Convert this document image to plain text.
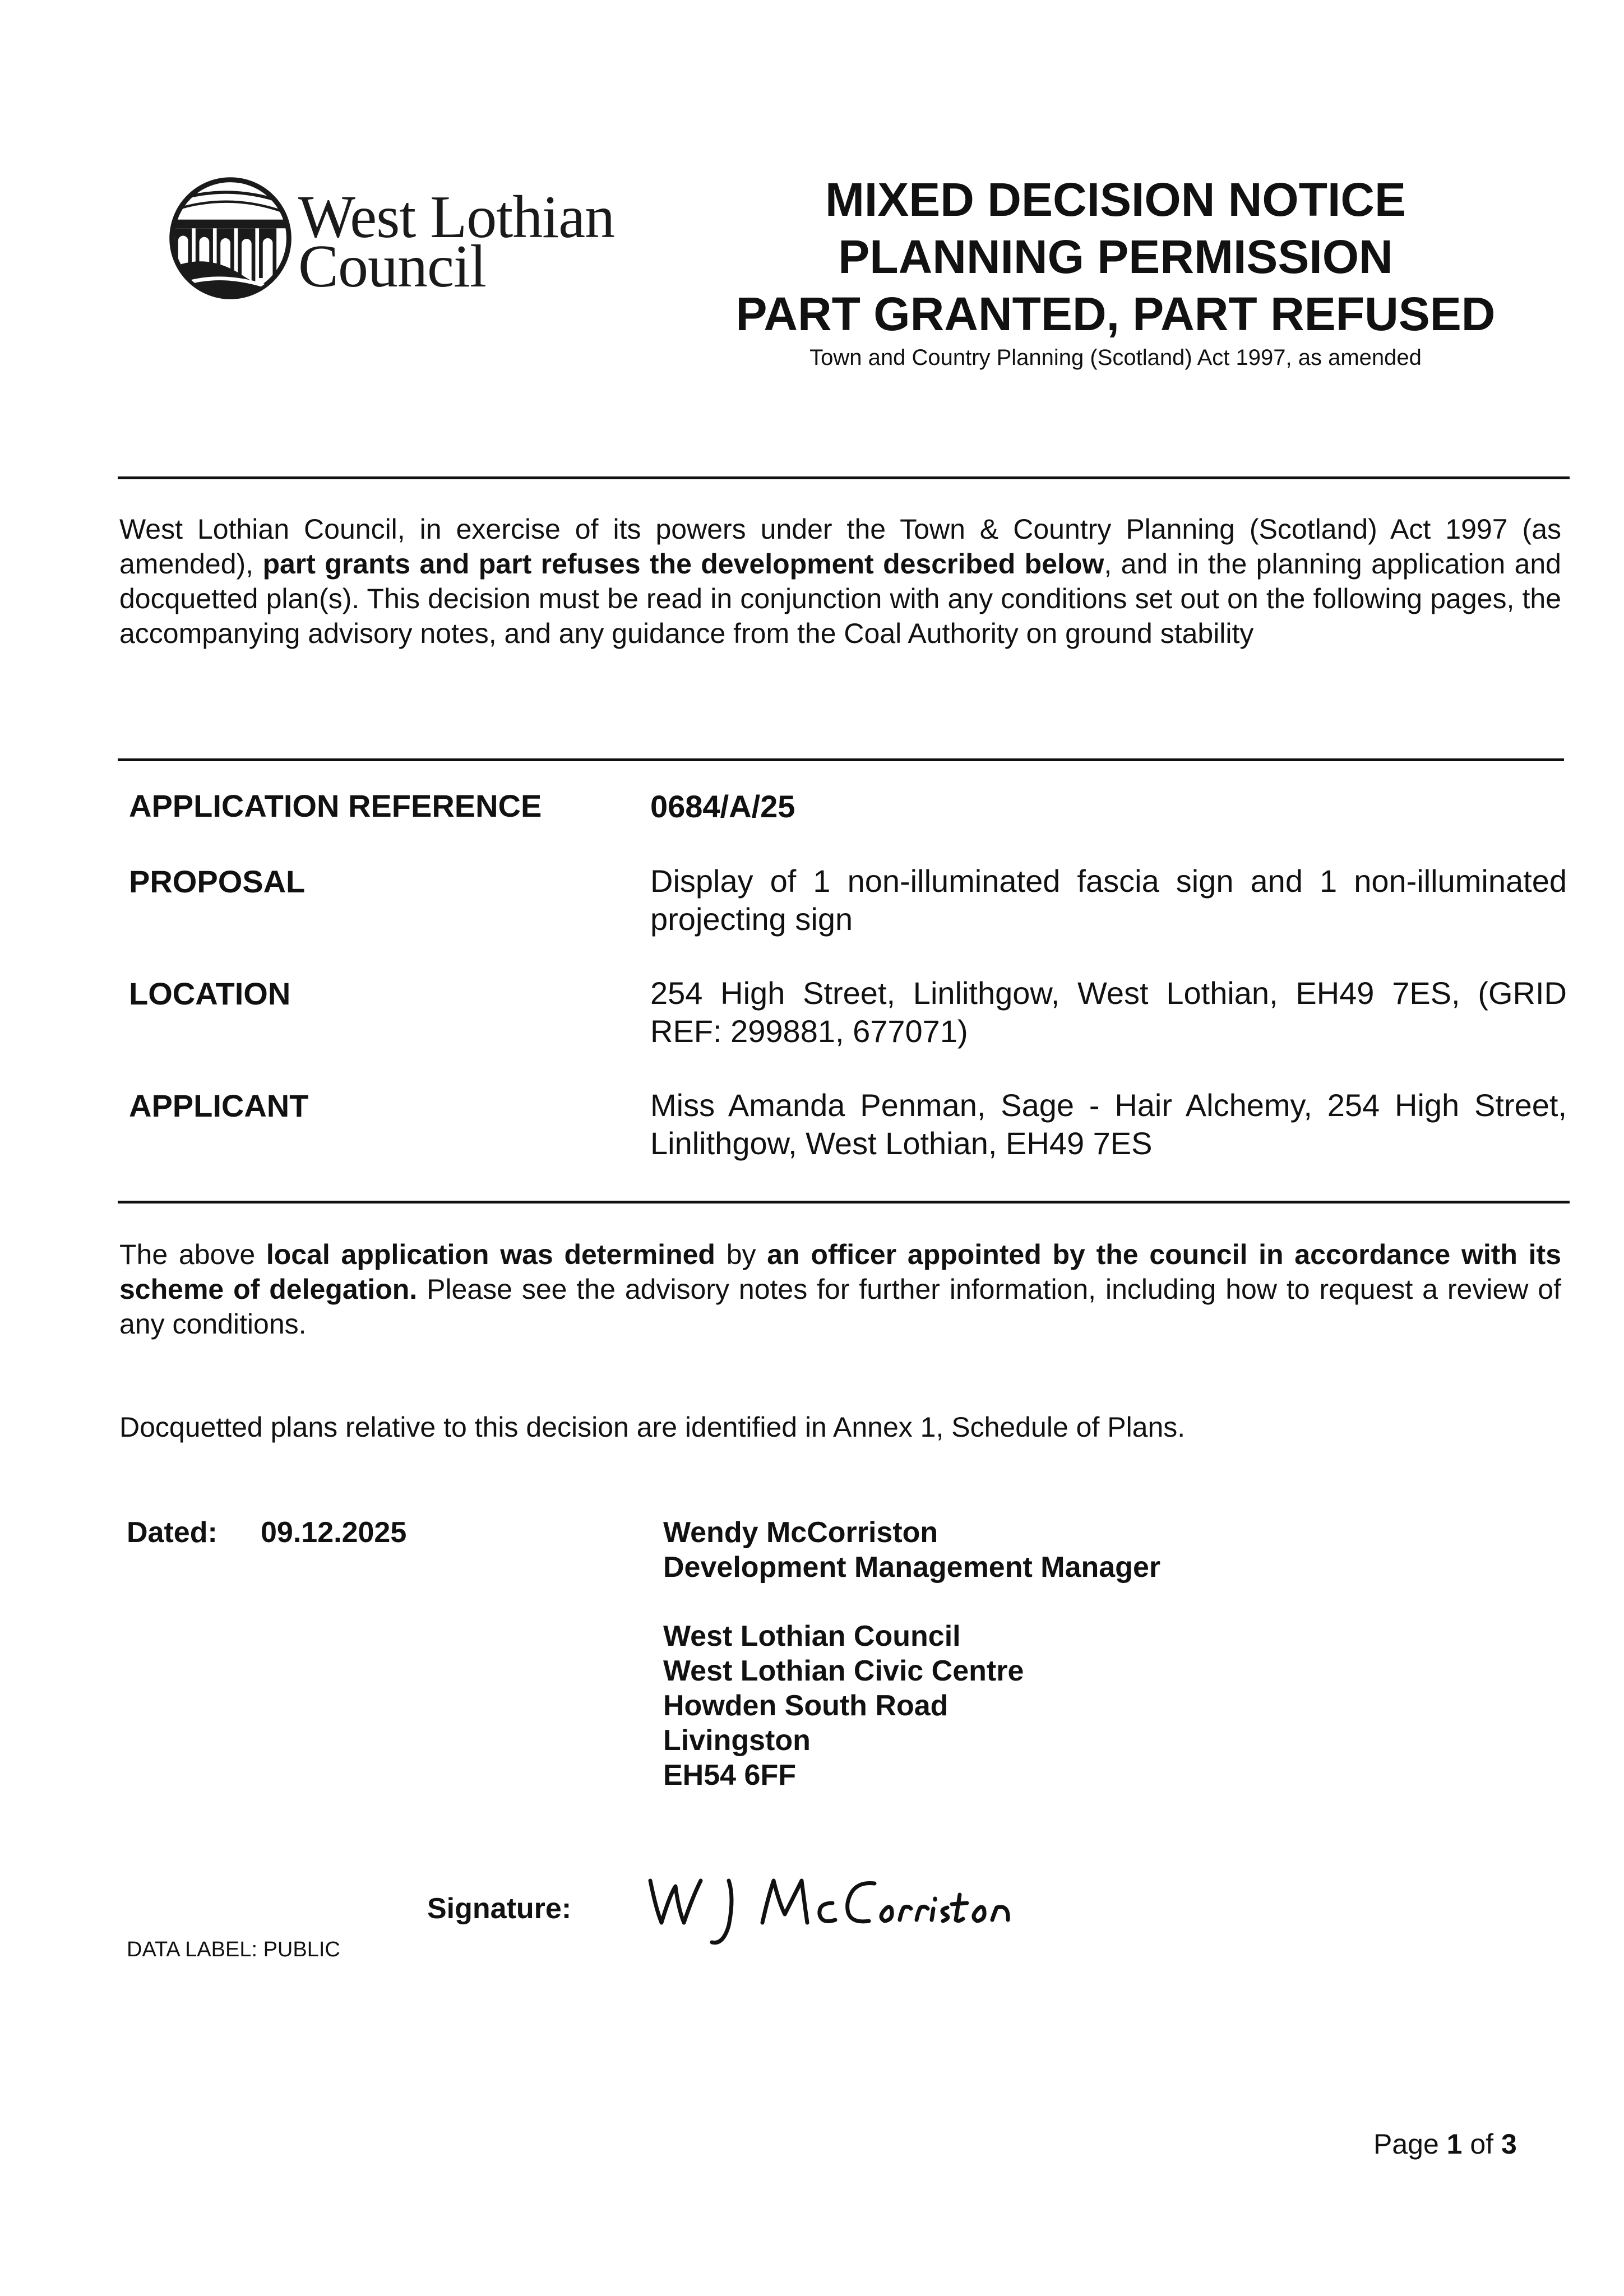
West Lothian
Council
MIXED DECISION NOTICE
PLANNING PERMISSION
PART GRANTED, PART REFUSED
Town and Country Planning (Scotland) Act 1997, as amended
West Lothian Council, in exercise of its powers under the Town & Country Planning (Scotland) Act 1997 (as amended), part grants and part refuses the development described below, and in the planning application and docquetted plan(s). This decision must be read in conjunction with any conditions set out on the following pages, the accompanying advisory notes, and any guidance from the Coal Authority on ground stability
APPLICATION REFERENCE	0684/A/25
PROPOSAL	Display of 1 non-illuminated fascia sign and 1 non-illuminated projecting sign
LOCATION	254 High Street, Linlithgow, West Lothian, EH49 7ES, (GRID REF: 299881, 677071)
APPLICANT	Miss Amanda Penman, Sage - Hair Alchemy, 254 High Street, Linlithgow, West Lothian, EH49 7ES
The above local application was determined by an officer appointed by the council in accordance with its scheme of delegation. Please see the advisory notes for further information, including how to request a review of any conditions.
Docquetted plans relative to this decision are identified in Annex 1, Schedule of Plans.
Dated: 09.12.2025	Wendy McCorriston
Development Management Manager
West Lothian Council
West Lothian Civic Centre
Howden South Road
Livingston
EH54 6FF
Signature:
DATA LABEL: PUBLIC
Page 1 of 3
